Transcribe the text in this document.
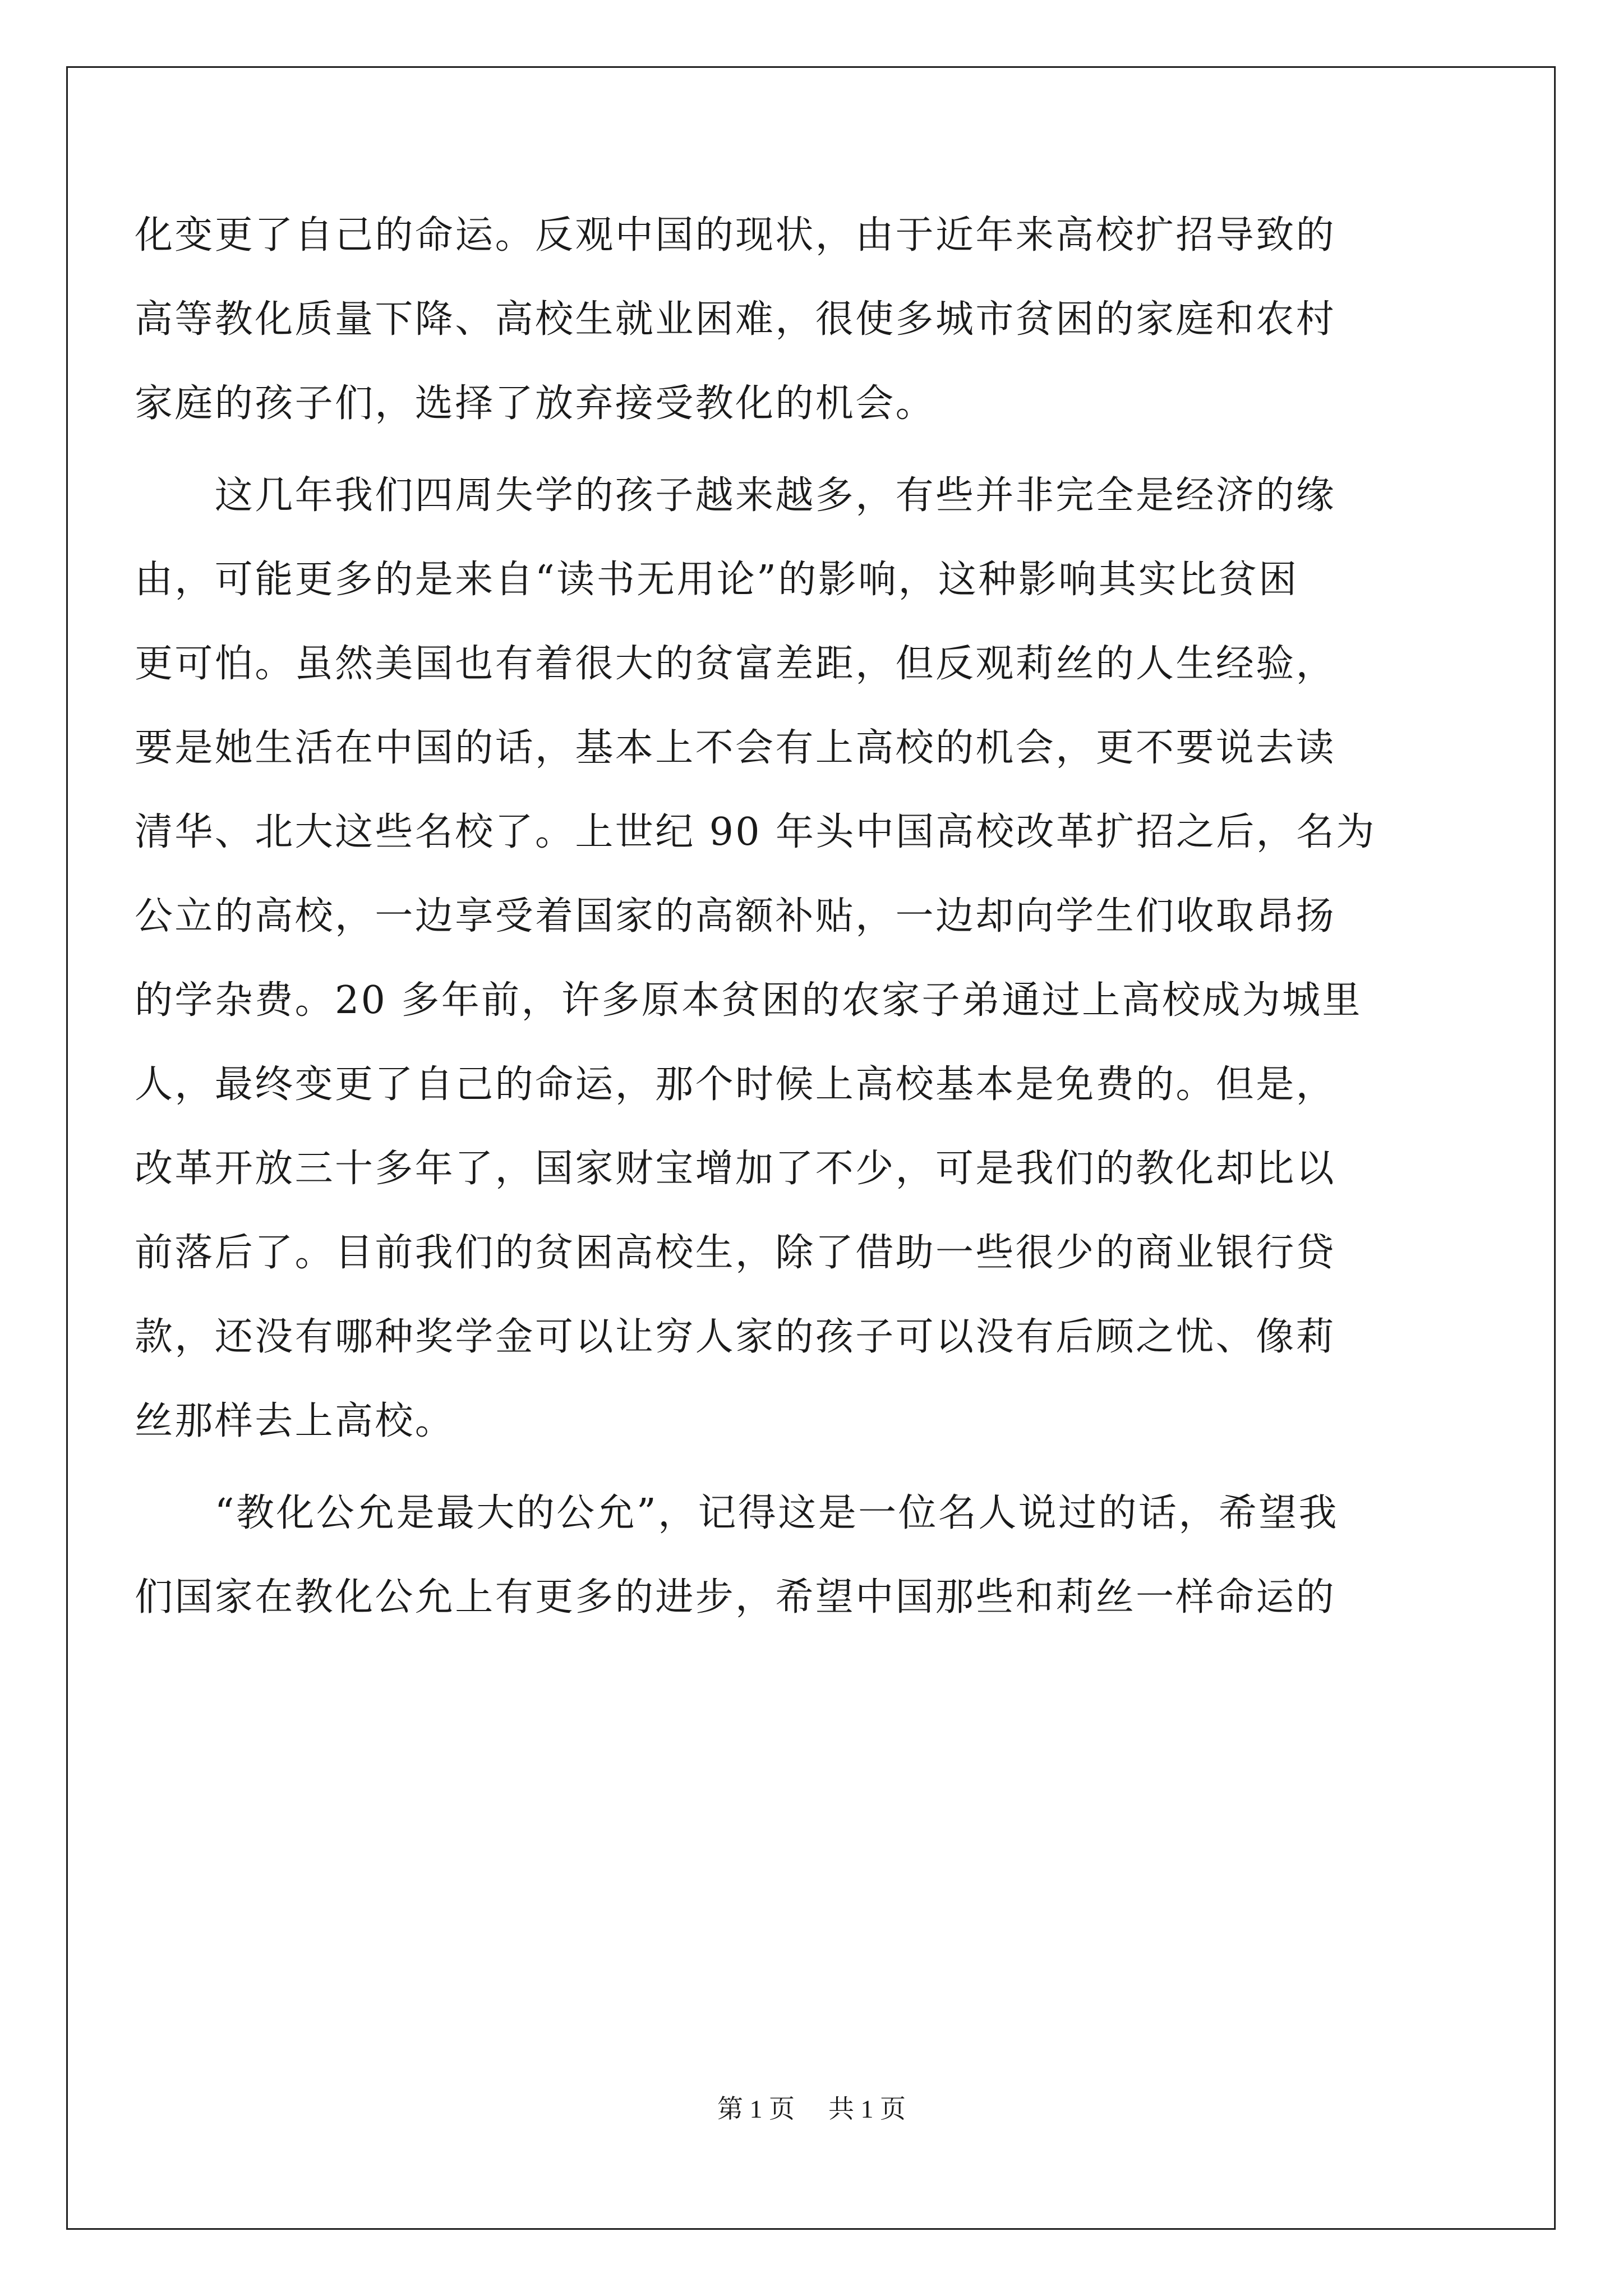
化变更了自己的命运。反观中国的现状，由于近年来高校扩招导致的
高等教化质量下降、高校生就业困难，很使多城市贫困的家庭和农村
家庭的孩子们，选择了放弃接受教化的机会。
　　这几年我们四周失学的孩子越来越多，有些并非完全是经济的缘
由，可能更多的是来自“读书无用论”的影响，这种影响其实比贫困
更可怕。虽然美国也有着很大的贫富差距，但反观莉丝的人生经验，
要是她生活在中国的话，基本上不会有上高校的机会，更不要说去读
清华、北大这些名校了。上世纪 90 年头中国高校改革扩招之后，名为
公立的高校，一边享受着国家的高额补贴，一边却向学生们收取昂扬
的学杂费。20 多年前，许多原本贫困的农家子弟通过上高校成为城里
人，最终变更了自己的命运，那个时候上高校基本是免费的。但是，
改革开放三十多年了，国家财宝增加了不少，可是我们的教化却比以
前落后了。目前我们的贫困高校生，除了借助一些很少的商业银行贷
款，还没有哪种奖学金可以让穷人家的孩子可以没有后顾之忧、像莉
丝那样去上高校。
　　“教化公允是最大的公允”，记得这是一位名人说过的话，希望我
们国家在教化公允上有更多的进步，希望中国那些和莉丝一样命运的
第 1 页 共 1 页
